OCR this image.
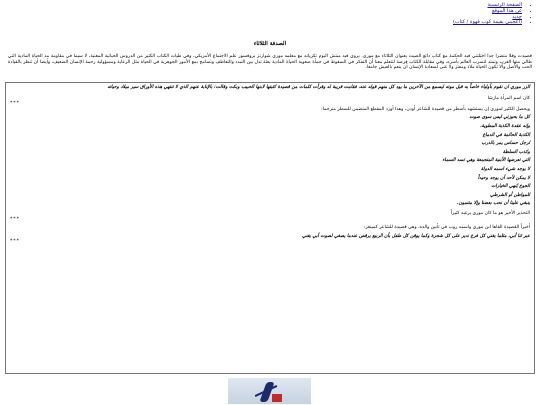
• الصفحة الرئيسية
• عن هذا الموقع
• جديد
• (أعجبني بقيمة كوب قهوة / كتاب)
الصدفة الثلاثاء
قصيدت وقلا متضرا جدا اختلتني فيه الحكمة مع كتاب دائع الصيت بعنوان الثلاثاء مع موري. يروي فيه مبتش البوم تكرياته مع معلمه موري شوارتز بروفسور علم الاجتماع الأمريكي، وفي طيات الكتاب الكثير من الدروس الحياتية المغنية، لا سيما في مقاومة مد الحياة المادية التي طالي منها الغرب وتمتد لتسرب العالم بأسره، وفي مقابلة الكتاب فرصة لتتعلم معنا أن التفكر في السقوط في حمأة صعوبة الحياة المادية بعثة تدل بين التبدد والتعاطف وتسامح بمع الأمور الجوهرية في الحياة مثل الرعاية ومسؤولية رحمة الإنسان الضعيف، وأيضا أن تنظر بالقيادة الحب والأصل وألا تكون الحياة ملاذ ومعتز ولا غنى لسعادة الإنسان أن ينعم بالعيش جامعا.

الزر موري ان نقوم بأولياء خاصاً به قبل موته ليسمع من الآخرين ما يود كل منهم قوله عنه، فقامت قريبة له وقرأت كلمات من قصيدة كتبتها لابنها الحبيب وبكت وقالت: بالإنابة عنهم الذي لا تنتهي هذه الأوراق سير ميلاد وحياته

كان اسم المرأة مارشا

***

ويحصل الكثير لموري إن يستشهد بأسطر من قصيدة للشاعر أودن، وهذا أورد المقطع المتضمن للسطر مترجما:

كل ما بحوزتي ليس سوى صوت

وإنه عقدة الكذبة المطوية،

الكذبة الحالمة في الدماغ

لرجل حساس يمر بالدرب

وكذب السلطة

التي تعرضها الأبنية المتجمعة وهي تسد السماء

لا يوجد شيء اسمه الدولة

لا يمكن لأحد أن يوجد وحيداً

الجوع يُنهي الخيارات

للمواطن أو الشرطي

ينبغي علينا أن نحب بعضنا وإلا متنمون.

التحذير الأخير هو ما كان موري يرغبه كثيراً

***

أخيراً القصيدة القاها ابن موري واسمه روب في تأبين والده، وهي قصيدة للشاعر كمينغز:

عبر ثنا أبي، مثلما يغني كل فرع ندير على كل شجرة وكما يوقن كل طفل بأن الربيع يرقص عندما يصغي لصوت أبي يغني

***
